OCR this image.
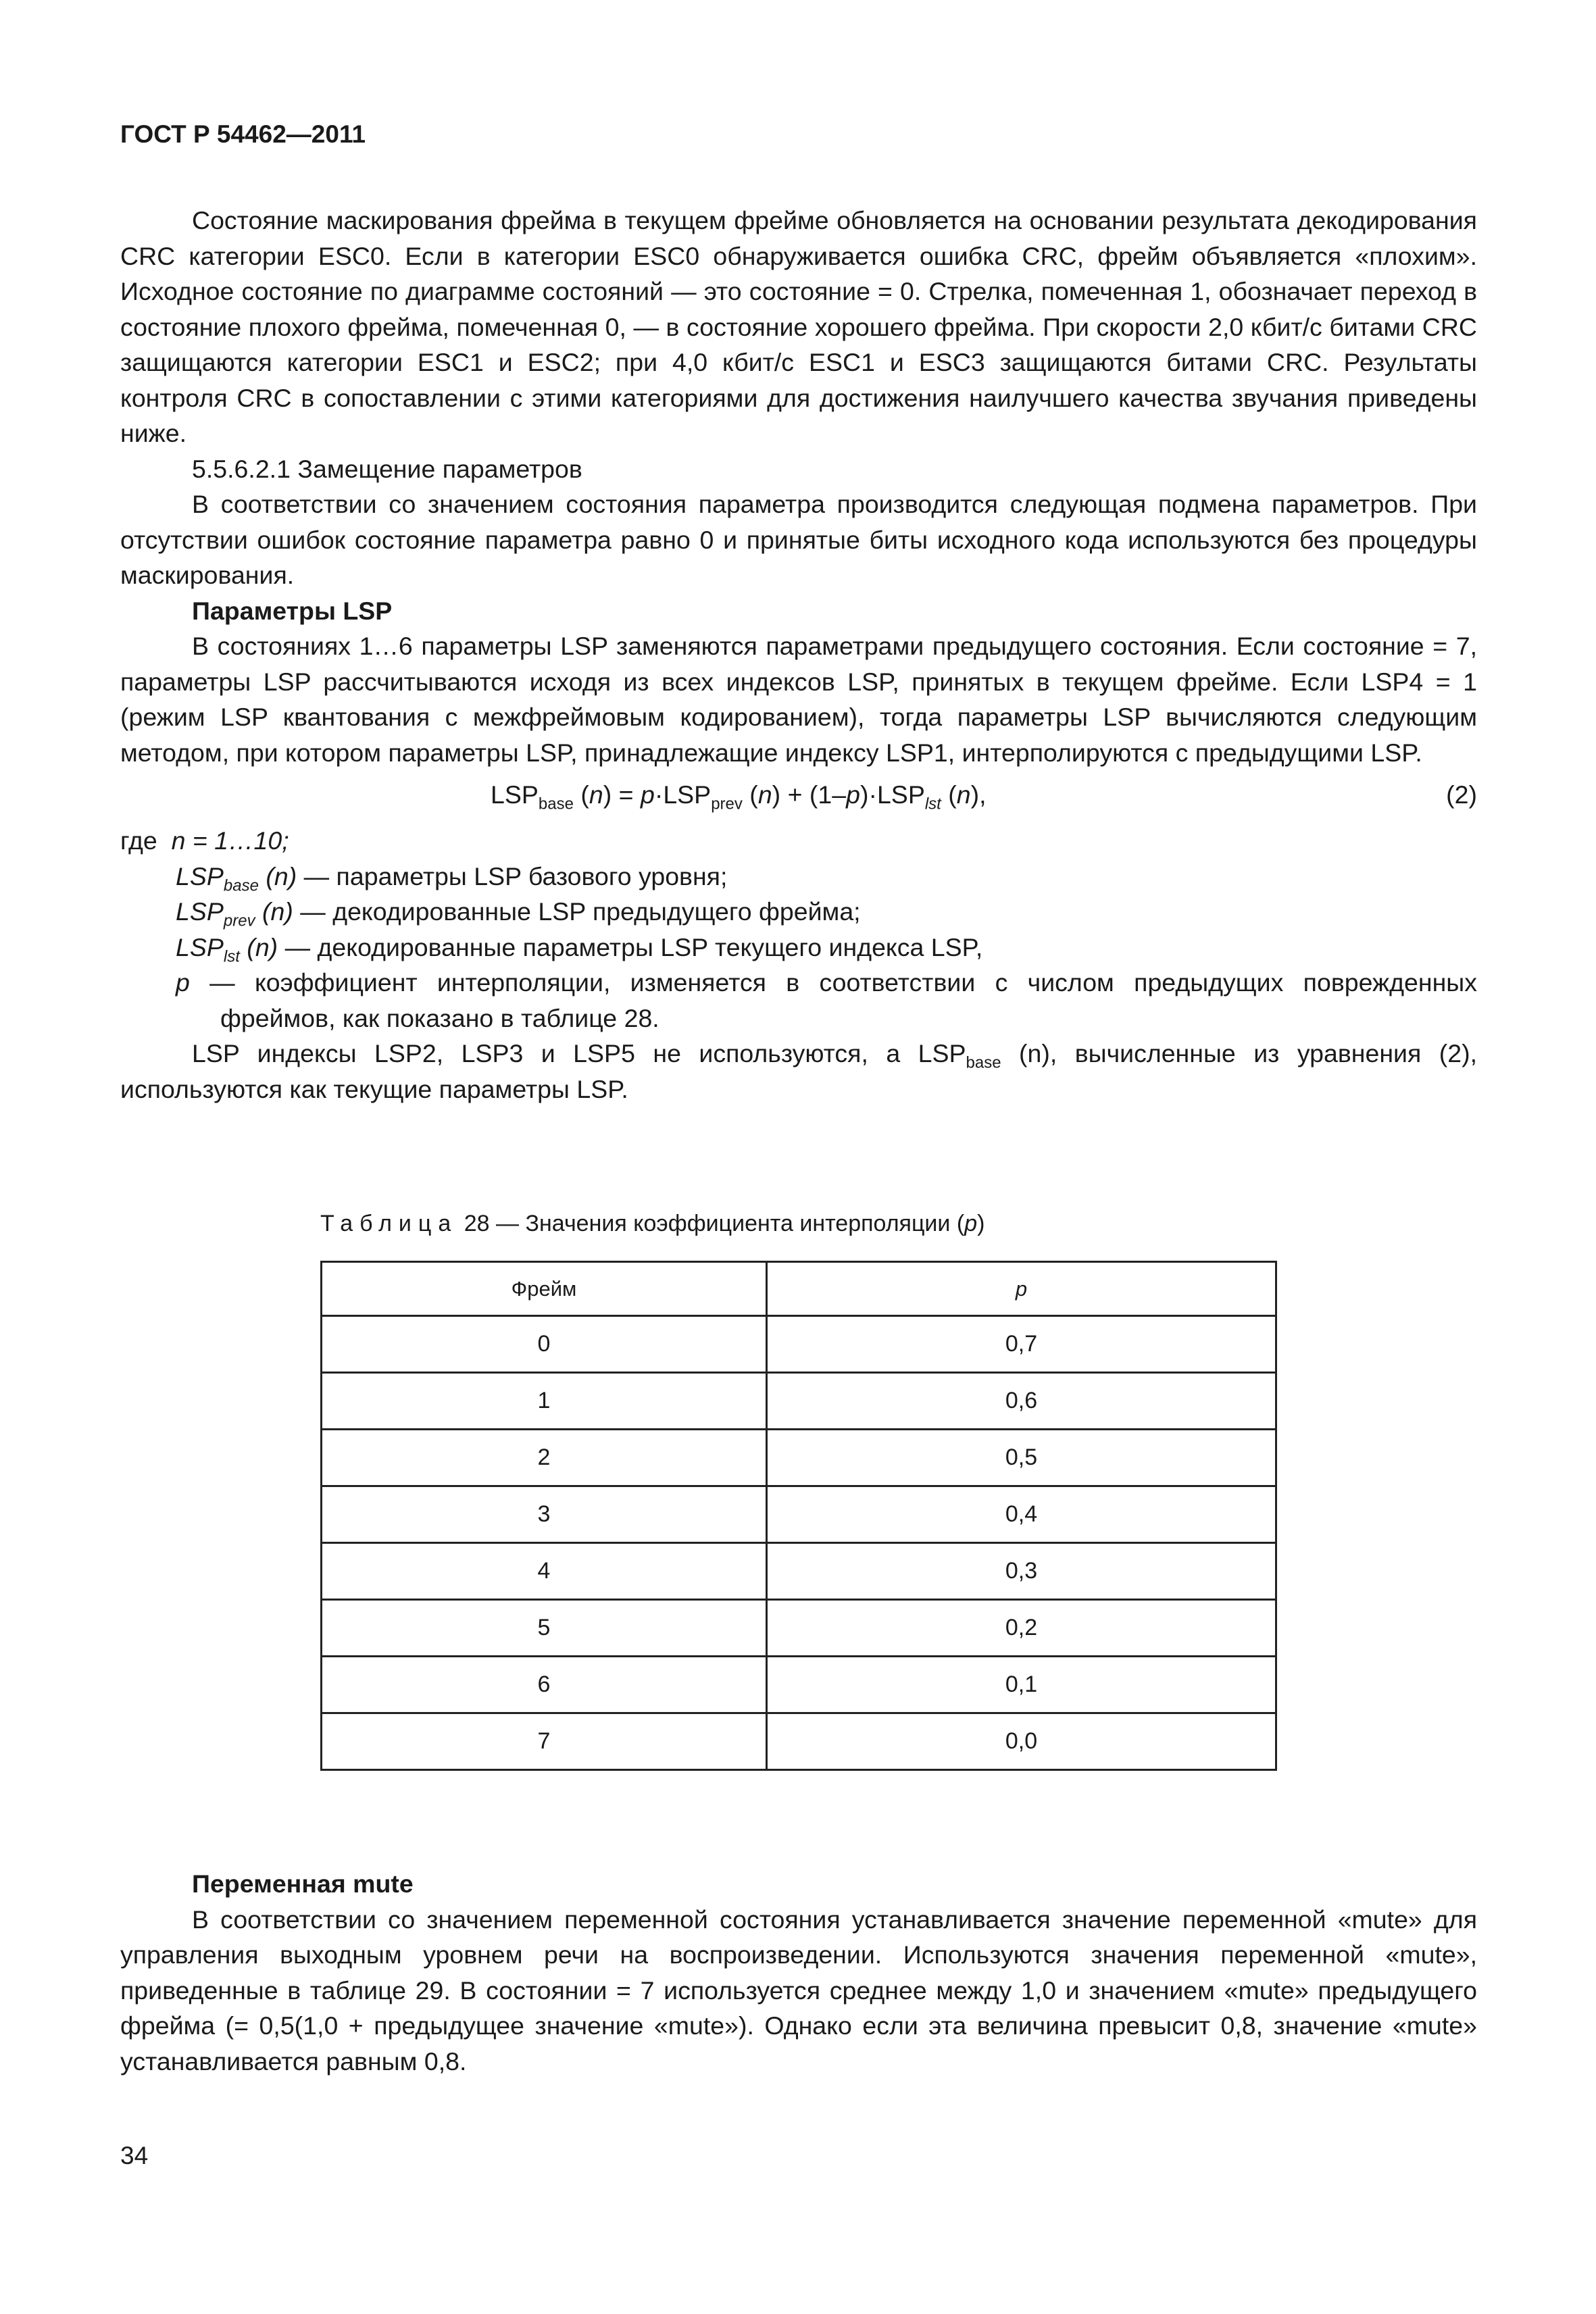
ГОСТ Р 54462—2011

Состояние маскирования фрейма в текущем фрейме обновляется на основании результата декодирования CRC категории ESC0. Если в категории ESC0 обнаруживается ошибка CRC, фрейм объявляется «плохим». Исходное состояние по диаграмме состояний — это состояние = 0. Стрелка, помеченная 1, обозначает переход в состояние плохого фрейма, помеченная 0, — в состояние хорошего фрейма. При скорости 2,0 кбит/с битами CRC защищаются категории ESC1 и ESC2; при 4,0 кбит/с ESC1 и ESC3 защищаются битами CRC. Результаты контроля CRC в сопоставлении с этими категориями для достижения наилучшего качества звучания приведены ниже.

5.5.6.2.1 Замещение параметров

В соответствии со значением состояния параметра производится следующая подмена параметров. При отсутствии ошибок состояние параметра равно 0 и принятые биты исходного кода используются без процедуры маскирования.

Параметры LSP

В состояниях 1…6 параметры LSP заменяются параметрами предыдущего состояния. Если состояние = 7, параметры LSP рассчитываются исходя из всех индексов LSP, принятых в текущем фрейме. Если LSP4 = 1 (режим LSP квантования с межфреймовым кодированием), тогда параметры LSP вычисляются следующим методом, при котором параметры LSP, принадлежащие индексу LSP1, интерполируются с предыдущими LSP.

$LSP_{base}$ $(n) = p\cdot LSP_{prev}$ $(n) + (1-p)\cdot LSP_{lst}$ (n),	(2)

где n = 1…10;

$LSP_{base}$ (n) — параметры LSP базового уровня;

$LSP_{prev}$ (n) — декодированные LSP предыдущего фрейма;

$LSP_{lst}$ (n) — декодированные параметры LSP текущего индекса LSP,

p — коэффициент интерполяции, изменяется в соответствии с числом предыдущих поврежденных

фреймов, как показано в таблице 28.

LSP индексы LSP2, LSP3 и LSP5 не используются, а $LSP_{base}$ (n), вычисленные из уравнения (2), используются как текущие параметры LSP.

Таблица 28 — Значения коэффициента интерполяции (p)
Фрейм	p
0	0,7
1	0,6
2	0,5
3	0,4
4	0,3
5	0,2
6	0,1
7	0,0

Переменная mute

В соответствии со значением переменной состояния устанавливается значение переменной «mute» для управления выходным уровнем речи на воспроизведении. Используются значения переменной «mute», приведенные в таблице 29. В состоянии = 7 используется среднее между 1,0 и значением «mute» предыдущего фрейма (= 0,5(1,0 + предыдущее значение «mute»). Однако если эта величина превысит 0,8, значение «mute» устанавливается равным 0,8.

34
